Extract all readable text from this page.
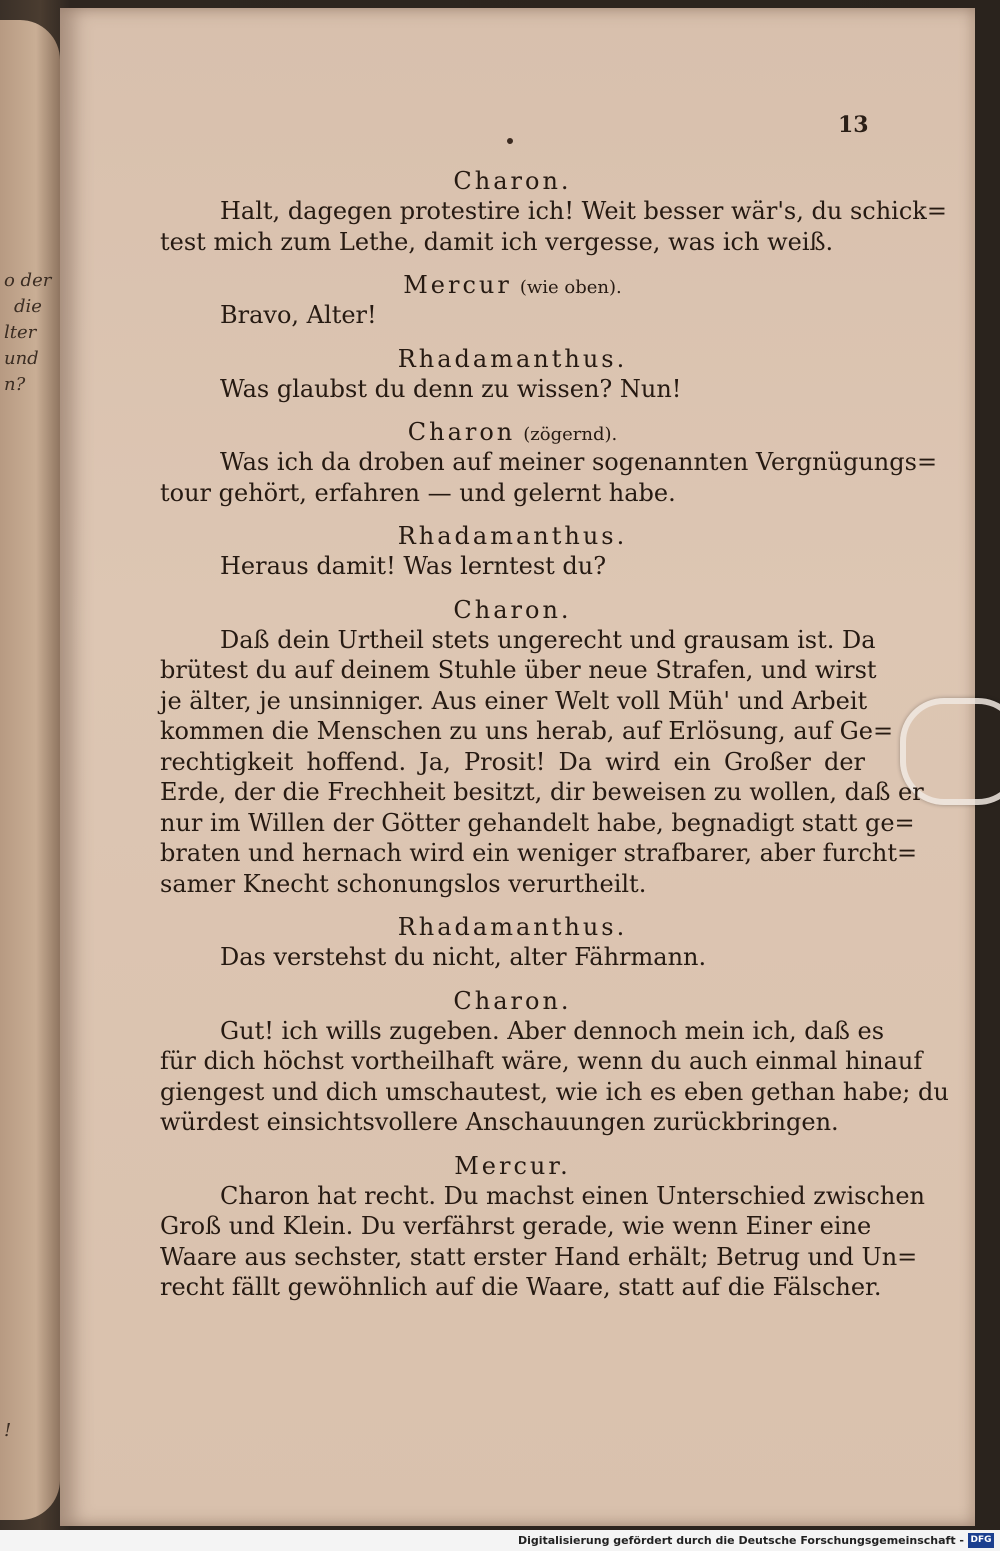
o der
die
lter
und
n?
!
13
Charon.
Halt, dagegen protestire ich! Weit besser wär's, du schick=
test mich zum Lethe, damit ich vergesse, was ich weiß.
Mercur (wie oben).
Bravo, Alter!
Rhadamanthus.
Was glaubst du denn zu wissen? Nun!
Charon (zögernd).
Was ich da droben auf meiner sogenannten Vergnügungs=
tour gehört, erfahren — und gelernt habe.
Rhadamanthus.
Heraus damit! Was lerntest du?
Charon.
Daß dein Urtheil stets ungerecht und grausam ist. Da
brütest du auf deinem Stuhle über neue Strafen, und wirst
je älter, je unsinniger. Aus einer Welt voll Müh' und Arbeit
kommen die Menschen zu uns herab, auf Erlösung, auf Ge=
rechtigkeit hoffend. Ja, Prosit! Da wird ein Großer der
Erde, der die Frechheit besitzt, dir beweisen zu wollen, daß er
nur im Willen der Götter gehandelt habe, begnadigt statt ge=
braten und hernach wird ein weniger strafbarer, aber furcht=
samer Knecht schonungslos verurtheilt.
Rhadamanthus.
Das verstehst du nicht, alter Fährmann.
Charon.
Gut! ich wills zugeben. Aber dennoch mein ich, daß es
für dich höchst vortheilhaft wäre, wenn du auch einmal hinauf
giengest und dich umschautest, wie ich es eben gethan habe; du
würdest einsichtsvollere Anschauungen zurückbringen.
Mercur.
Charon hat recht. Du machst einen Unterschied zwischen
Groß und Klein. Du verfährst gerade, wie wenn Einer eine
Waare aus sechster, statt erster Hand erhält; Betrug und Un=
recht fällt gewöhnlich auf die Waare, statt auf die Fälscher.
Digitalisierung gefördert durch die Deutsche Forschungsgemeinschaft - DFG
